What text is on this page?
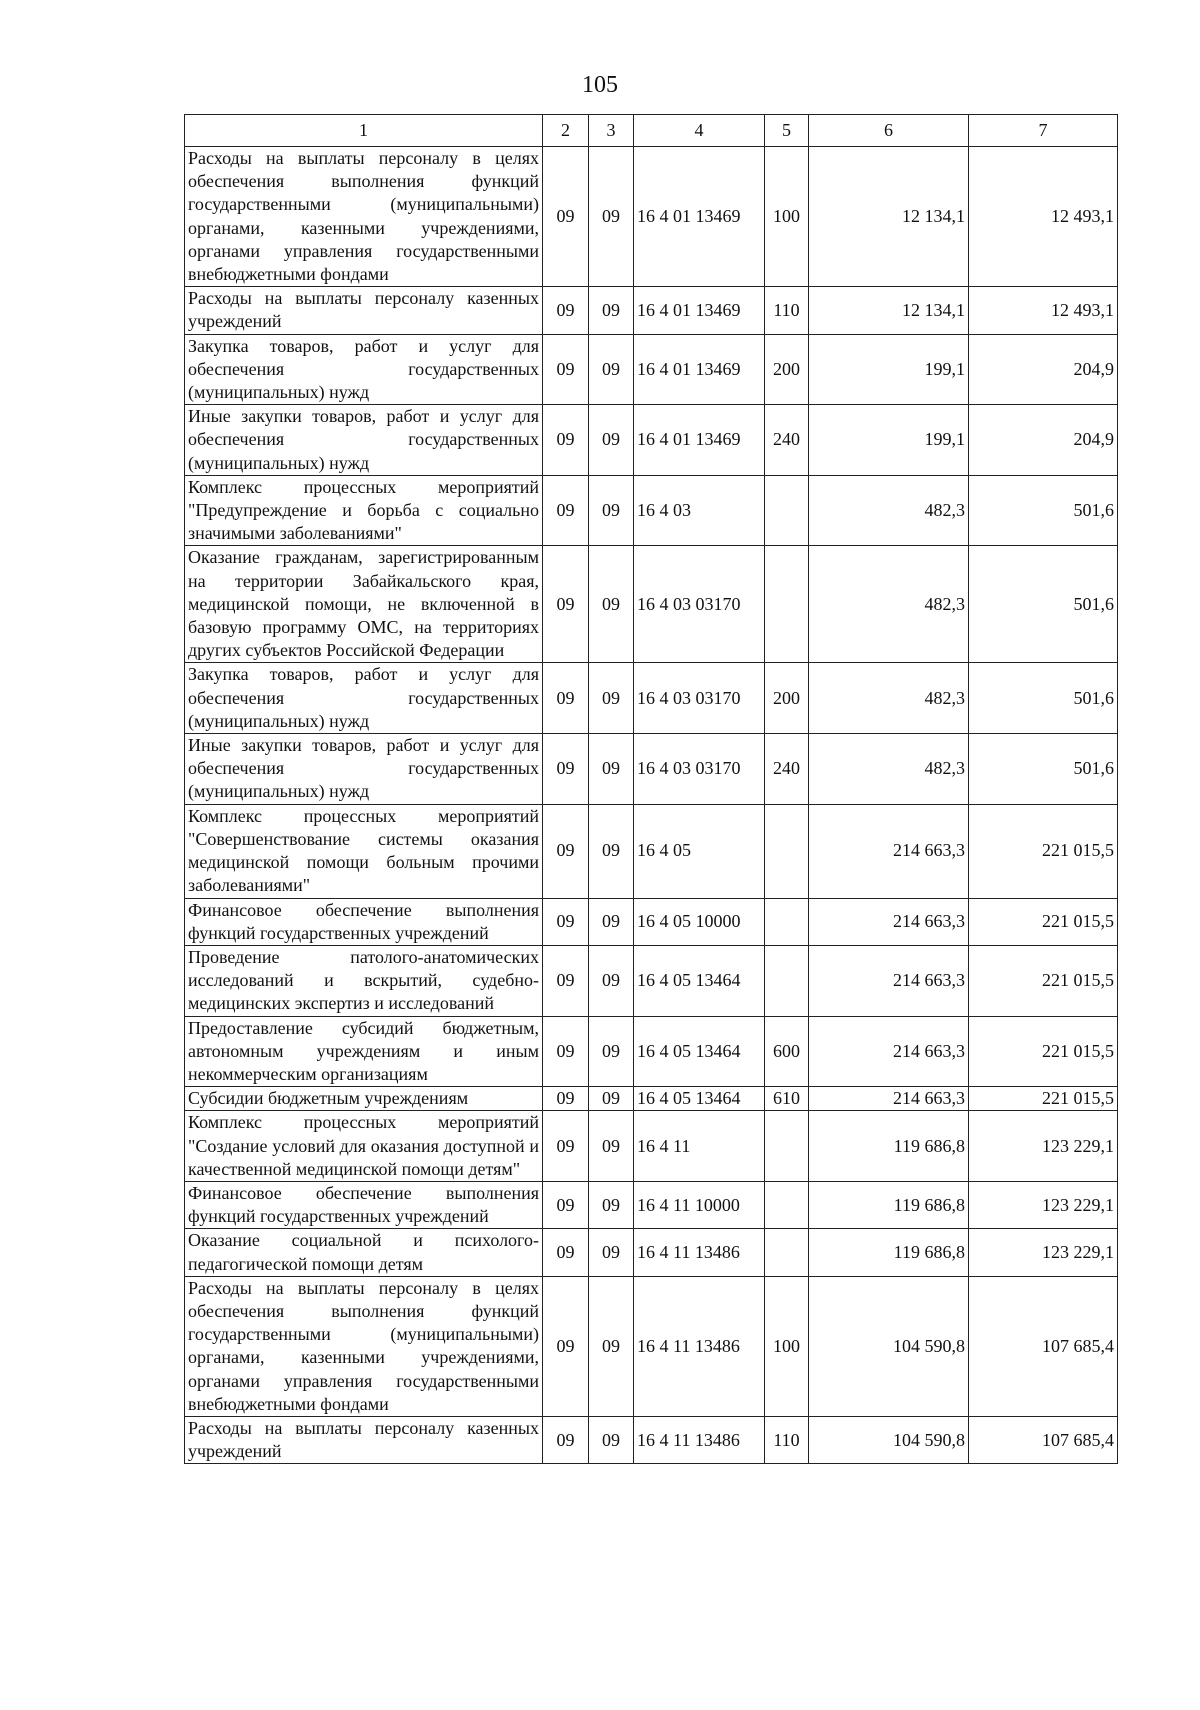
105
1	2	3	4	5	6	7
Расходы на выплаты персоналу в целях обеспечения выполнения функций государственными (муниципальными) органами, казенными учреждениями, органами управления государственными внебюджетными фондами	09	09	16 4 01 13469	100	12 134,1	12 493,1
Расходы на выплаты персоналу казенных учреждений	09	09	16 4 01 13469	110	12 134,1	12 493,1
Закупка товаров, работ и услуг для обеспечения государственных (муниципальных) нужд	09	09	16 4 01 13469	200	199,1	204,9
Иные закупки товаров, работ и услуг для обеспечения государственных (муниципальных) нужд	09	09	16 4 01 13469	240	199,1	204,9
Комплекс процессных мероприятий "Предупреждение и борьба с социально значимыми заболеваниями"	09	09	16 4 03		482,3	501,6
Оказание гражданам, зарегистрированным на территории Забайкальского края, медицинской помощи, не включенной в базовую программу ОМС, на территориях других субъектов Российской Федерации	09	09	16 4 03 03170		482,3	501,6
Закупка товаров, работ и услуг для обеспечения государственных (муниципальных) нужд	09	09	16 4 03 03170	200	482,3	501,6
Иные закупки товаров, работ и услуг для обеспечения государственных (муниципальных) нужд	09	09	16 4 03 03170	240	482,3	501,6
Комплекс процессных мероприятий "Совершенствование системы оказания медицинской помощи больным прочими заболеваниями"	09	09	16 4 05		214 663,3	221 015,5
Финансовое обеспечение выполнения функций государственных учреждений	09	09	16 4 05 10000		214 663,3	221 015,5
Проведение патолого-анатомических исследований и вскрытий, судебно-медицинских экспертиз и исследований	09	09	16 4 05 13464		214 663,3	221 015,5
Предоставление субсидий бюджетным, автономным учреждениям и иным некоммерческим организациям	09	09	16 4 05 13464	600	214 663,3	221 015,5
Субсидии бюджетным учреждениям	09	09	16 4 05 13464	610	214 663,3	221 015,5
Комплекс процессных мероприятий "Создание условий для оказания доступной и качественной медицинской помощи детям"	09	09	16 4 11		119 686,8	123 229,1
Финансовое обеспечение выполнения функций государственных учреждений	09	09	16 4 11 10000		119 686,8	123 229,1
Оказание социальной и психолого-педагогической помощи детям	09	09	16 4 11 13486		119 686,8	123 229,1
Расходы на выплаты персоналу в целях обеспечения выполнения функций государственными (муниципальными) органами, казенными учреждениями, органами управления государственными внебюджетными фондами	09	09	16 4 11 13486	100	104 590,8	107 685,4
Расходы на выплаты персоналу казенных учреждений	09	09	16 4 11 13486	110	104 590,8	107 685,4
